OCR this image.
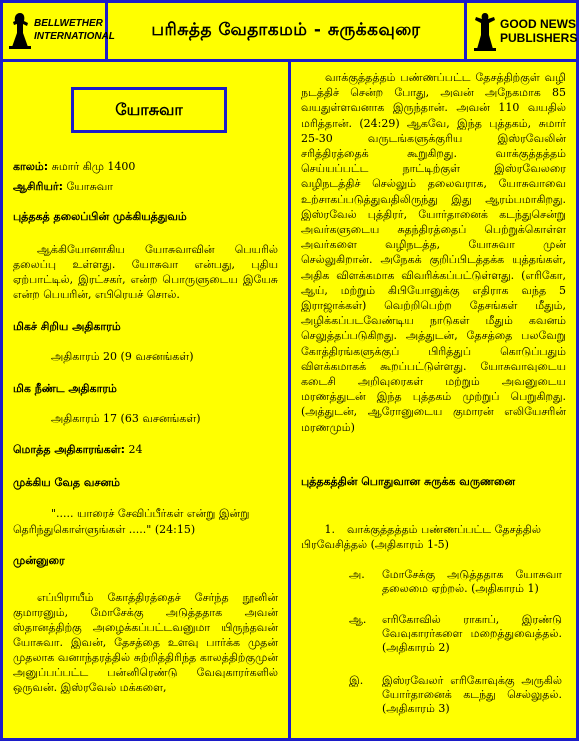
BELLWETHER
INTERNATIONAL பரிசுத்த வேதாகமம் - சுருக்கவுரை	GOOD NEWS
PUBLISHERS
யோசுவா
காலம்: சுமார் கிமு 1400
ஆசிரியர்: யோசுவா
புத்தகத் தலைப்பின் முக்கியத்துவம்
ஆக்கியோனாகிய யோசுவாவின் பெயரில் தலைப்பு உள்ளது. யோசுவா என்பது, புதிய ஏற்பாட்டில், இரட்சகர், என்ற பொருளுடைய இயேசு என்ற பெயரின், எபிரெயச் சொல்.
மிகச் சிறிய அதிகாரம்
அதிகாரம் 20 (9 வசனங்கள்)
மிக நீண்ட அதிகாரம்
அதிகாரம் 17 (63 வசனங்கள்)
மொத்த அதிகாரங்கள்: 24
முக்கிய வேத வசனம்
"..... யாரைச் சேவிப்பீர்கள் என்று இன்று
தெரிந்துகொள்ளுங்கள் ....." (24:15)
முன்னுரை
எப்பிராயீம் கோத்திரத்தைச் சேர்ந்த நூனின் குமாரனும், மோசேக்கு அடுத்ததாக அவன் ஸ்தானத்திற்கு அழைக்கப்பட்டவனுமா யிருந்தவன் யோசுவா. இவன், தேசத்தை உளவு பார்க்க முதன் முதலாக வனாந்தரத்தில் சுற்றித்திரிந்த காலத்திற்குமுன் அனுப்பப்பட்ட பன்னிரெண்டு வேவுகாரர்களில் ஒருவன். இஸ்ரவேல் மக்களை,
வாக்குத்தத்தம் பண்ணப்பட்ட தேசத்திற்குள் வழி நடத்திச் சென்ற போது, அவன் அநேகமாக 85 வயதுள்ளவனாக இருந்தான். அவன் 110 வயதில் மரித்தான். (24:29) ஆகவே, இந்த புத்தகம், சுமார் 25-30 வருடங்களுக்குரிய இஸ்ரவேலின் சரித்திரத்தைக் கூறுகிறது. வாக்குத்தத்தம் செய்யப்பட்ட நாட்டிற்குள் இஸ்ரவேலரை வழிநடத்திச் செல்லும் தலைவராக, யோசுவாவை உற்சாகப்படுத்துவதிலிருந்து இது ஆரம்பமாகிறது. இஸ்ரவேல் புத்திரர், யோர்தானைக் கடந்துசென்று அவர்களுடைய சுதந்திரத்தைப் பெற்றுக்கொள்ள அவர்களை வழிநடத்த, யோசுவா முன் செல்லுகிறான். அநேகக் குறிப்பிடத்தக்க யுத்தங்கள், அதிக விளக்கமாக விவரிக்கப்பட்டுள்ளது. (எரிகோ, ஆய், மற்றும் கிபியோனுக்கு எதிராக வந்த 5 இராஜாக்கள்) வெற்றிபெற்ற தேசங்கள் மீதும், அழிக்கப்படவேண்டிய நாடுகள் மீதும் கவனம் செலுத்தப்படுகிறது. அத்துடன், தேசத்தை பலவேறு கோத்திரங்களுக்குப் பிரித்துப் கொடுப்பதும் விளக்கமாகக் கூறப்பட்டுள்ளது. யோசுவாவுடைய கடைசி அறிவுரைகள் மற்றும் அவனுடைய மரணத்துடன் இந்த புத்தகம் முற்றுப் பெறுகிறது. (அத்துடன், ஆரோனுடைய குமாரன் எலியேசரின் மரணமும்)
புத்தகத்தின் பொதுவான சுருக்க வருணனை
1. வாக்குத்தத்தம் பண்ணப்பட்ட தேசத்தில் பிரவேசித்தல் (அதிகாரம் 1-5)
அ. மோசேக்கு அடுத்ததாக யோசுவா தலைமை ஏற்றல். (அதிகாரம் 1)
ஆ. எரிகோவில் ராகாப், இரண்டு வேவுகாரர்களை மறைத்துவைத்தல். (அதிகாரம் 2)
இ. இஸ்ரவேலர் எரிகோவுக்கு அருகில் யோர்தானைக் கடந்து செல்லுதல். (அதிகாரம் 3)
